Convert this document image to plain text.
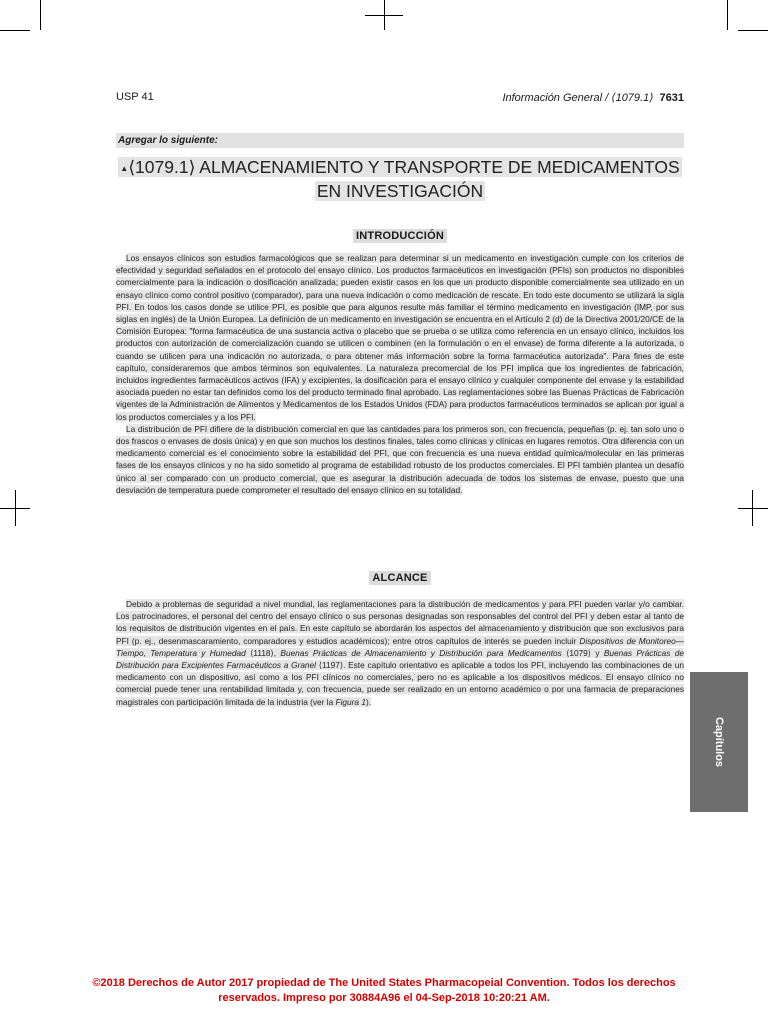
USP 41	Información General / ⟨1079.1⟩ 7631
Agregar lo siguiente:
▲⟨1079.1⟩ ALMACENAMIENTO Y TRANSPORTE DE MEDICAMENTOS
EN INVESTIGACIÓN
INTRODUCCIÓN

Los ensayos clínicos son estudios farmacológicos que se realizan para determinar si un medicamento en investigación cumple con los criterios de efectividad y seguridad señalados en el protocolo del ensayo clínico. Los productos farmacéuticos en investigación (PFIs) son productos no disponibles comercialmente para la indicación o dosificación analizada; pueden existir casos en los que un producto disponible comercialmente sea utilizado en un ensayo clínico como control positivo (comparador), para una nueva indicación o como medicación de rescate. En todo este documento se utilizará la sigla PFI. En todos los casos donde se utilice PFI, es posible que para algunos resulte más familiar el término medicamento en investigación (IMP, por sus siglas en inglés) de la Unión Europea. La definición de un medicamento en investigación se encuentra en el Artículo 2 (d) de la Directiva 2001/20/CE de la Comisión Europea: "forma farmacéutica de una sustancia activa o placebo que se prueba o se utiliza como referencia en un ensayo clínico, incluidos los productos con autorización de comercialización cuando se utilicen o combinen (en la formulación o en el envase) de forma diferente a la autorizada, o cuando se utilicen para una indicación no autorizada, o para obtener más información sobre la forma farmacéutica autorizada". Para fines de este capítulo, consideraremos que ambos términos son equivalentes. La naturaleza precomercial de los PFI implica que los ingredientes de fabricación, incluidos ingredientes farmacéuticos activos (IFA) y excipientes, la dosificación para el ensayo clínico y cualquier componente del envase y la estabilidad asociada pueden no estar tan definidos como los del producto terminado final aprobado. Las reglamentaciones sobre las Buenas Prácticas de Fabricación vigentes de la Administración de Alimentos y Medicamentos de los Estados Unidos (FDA) para productos farmacéuticos terminados se aplican por igual a los productos comerciales y a los PFI.

La distribución de PFI difiere de la distribución comercial en que las cantidades para los primeros son, con frecuencia, pequeñas (p. ej. tan solo uno o dos frascos o envases de dosis única) y en que son muchos los destinos finales, tales como clínicas y clínicas en lugares remotos. Otra diferencia con un medicamento comercial es el conocimiento sobre la estabilidad del PFI, que con frecuencia es una nueva entidad química/molecular en las primeras fases de los ensayos clínicos y no ha sido sometido al programa de estabilidad robusto de los productos comerciales. El PFI también plantea un desafío único al ser comparado con un producto comercial, que es asegurar la distribución adecuada de todos los sistemas de envase, puesto que una desviación de temperatura puede comprometer el resultado del ensayo clínico en su totalidad.

ALCANCE

Debido a problemas de seguridad a nivel mundial, las reglamentaciones para la distribución de medicamentos y para PFI pueden variar y/o cambiar. Los patrocinadores, el personal del centro del ensayo clínico o sus personas designadas son responsables del control del PFI y deben estar al tanto de los requisitos de distribución vigentes en el país. En este capítulo se abordarán los aspectos del almacenamiento y distribución que son exclusivos para PFI (p. ej., desenmascaramiento, comparadores y estudios académicos); entre otros capítulos de interés se pueden incluir Dispositivos de Monitoreo—Tiempo, Temperatura y Humedad ⟨1118⟩, Buenas Prácticas de Almacenamiento y Distribución para Medicamentos ⟨1079⟩ y Buenas Prácticas de Distribución para Excipientes Farmacéuticos a Granel ⟨1197⟩. Este capítulo orientativo es aplicable a todos los PFI, incluyendo las combinaciones de un medicamento con un dispositivo, así como a los PFI clínicos no comerciales, pero no es aplicable a los dispositivos médicos. El ensayo clínico no comercial puede tener una rentabilidad limitada y, con frecuencia, puede ser realizado en un entorno académico o por una farmacia de preparaciones magistrales con participación limitada de la industria (ver la Figura 1).

Capítulos
©2018 Derechos de Autor 2017 propiedad de The United States Pharmacopeial Convention. Todos los derechos
reservados. Impreso por 30884A96 el 04-Sep-2018 10:20:21 AM.
